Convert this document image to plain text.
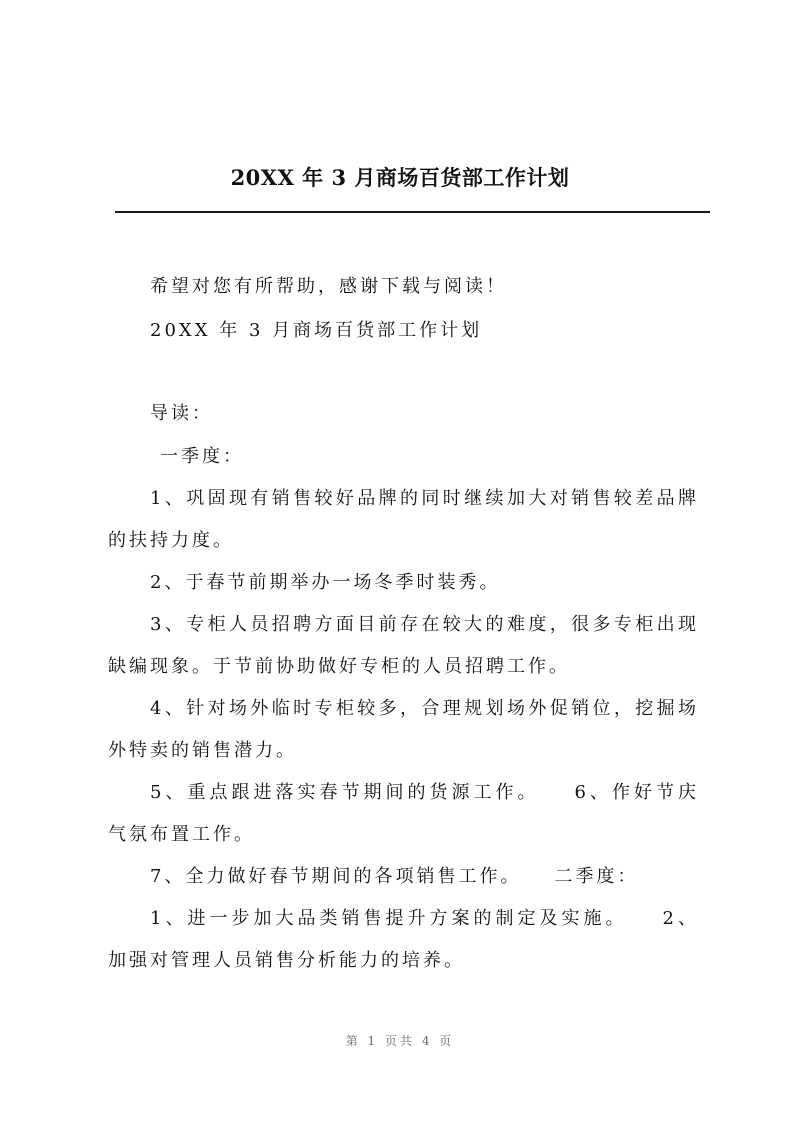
20XX 年 3 月商场百货部工作计划
希望对您有所帮助，感谢下载与阅读！
20XX 年 3 月商场百货部工作计划
导读：
一季度：
1、巩固现有销售较好品牌的同时继续加大对销售较差品牌
的扶持力度。
2、于春节前期举办一场冬季时装秀。
3、专柜人员招聘方面目前存在较大的难度，很多专柜出现
缺编现象。于节前协助做好专柜的人员招聘工作。
4、针对场外临时专柜较多，合理规划场外促销位，挖掘场
外特卖的销售潜力。
5、重点跟进落实春节期间的货源工作。　　6、作好节庆
气氛布置工作。
7、全力做好春节期间的各项销售工作。　　二季度：
1、进一步加大品类销售提升方案的制定及实施。　　2、
加强对管理人员销售分析能力的培养。
第 1 页共 4 页
